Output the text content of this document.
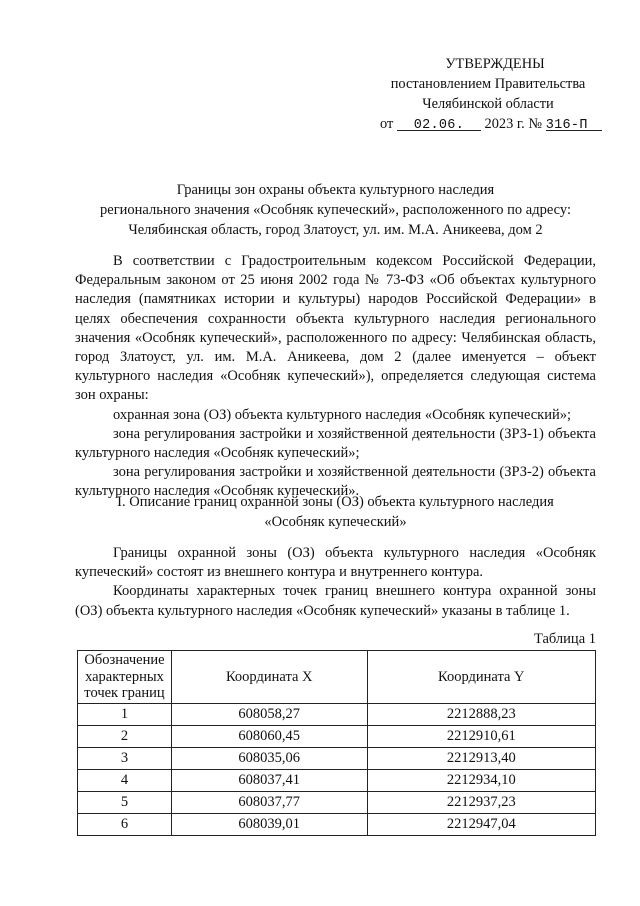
УТВЕРЖДЕНЫ
постановлением Правительства
Челябинской области
от 02.06. 2023 г. № 316-П
Границы зон охраны объекта культурного наследия
регионального значения «Особняк купеческий», расположенного по адресу:
Челябинская область, город Златоуст, ул. им. М.А. Аникеева, дом 2

В соответствии с Градостроительным кодексом Российской Федерации, Федеральным законом от 25 июня 2002 года № 73-ФЗ «Об объектах культурного наследия (памятниках истории и культуры) народов Российской Федерации» в целях обеспечения сохранности объекта культурного наследия регионального значения «Особняк купеческий», расположенного по адресу: Челябинская область, город Златоуст, ул. им. М.А. Аникеева, дом 2 (далее именуется – объект культурного наследия «Особняк купеческий»), определяется следующая система зон охраны:

охранная зона (ОЗ) объекта культурного наследия «Особняк купеческий»;

зона регулирования застройки и хозяйственной деятельности (ЗРЗ-1) объекта культурного наследия «Особняк купеческий»;

зона регулирования застройки и хозяйственной деятельности (ЗРЗ-2) объекта культурного наследия «Особняк купеческий».

I. Описание границ охранной зоны (ОЗ) объекта культурного наследия
«Особняк купеческий»

Границы охранной зоны (ОЗ) объекта культурного наследия «Особняк купеческий» состоят из внешнего контура и внутреннего контура.

Координаты характерных точек границ внешнего контура охранной зоны (ОЗ) объекта культурного наследия «Особняк купеческий» указаны в таблице 1.

Таблица 1
Обозначение характерных точек границ	Координата X	Координата Y
1	608058,27	2212888,23
2	608060,45	2212910,61
3	608035,06	2212913,40
4	608037,41	2212934,10
5	608037,77	2212937,23
6	608039,01	2212947,04
